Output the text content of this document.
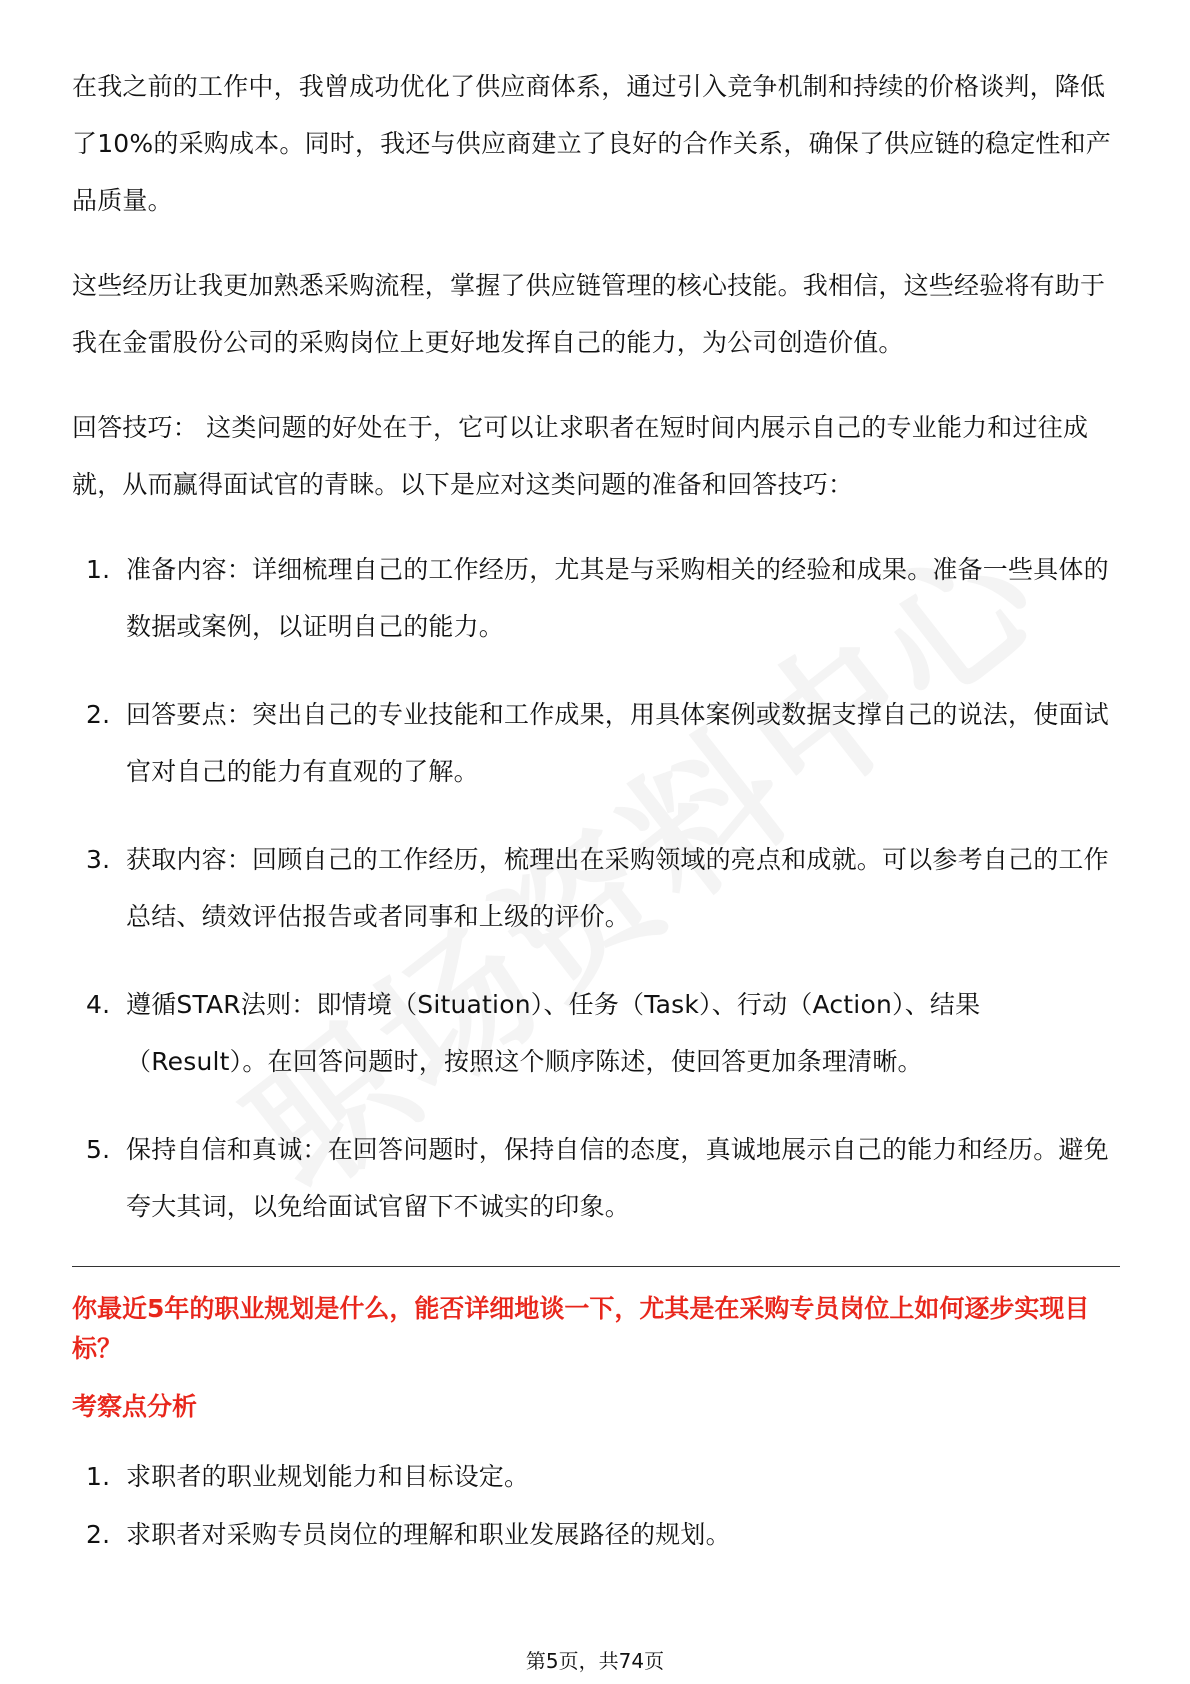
在我之前的工作中，我曾成功优化了供应商体系，通过引入竞争机制和持续的价格谈判，降低了10%的采购成本。同时，我还与供应商建立了良好的合作关系，确保了供应链的稳定性和产品质量。

这些经历让我更加熟悉采购流程，掌握了供应链管理的核心技能。我相信，这些经验将有助于我在金雷股份公司的采购岗位上更好地发挥自己的能力，为公司创造价值。

回答技巧： 这类问题的好处在于，它可以让求职者在短时间内展示自己的专业能力和过往成就，从而赢得面试官的青睐。以下是应对这类问题的准备和回答技巧：

1. 准备内容：详细梳理自己的工作经历，尤其是与采购相关的经验和成果。准备一些具体的数据或案例，以证明自己的能力。
2. 回答要点：突出自己的专业技能和工作成果，用具体案例或数据支撑自己的说法，使面试官对自己的能力有直观的了解。
3. 获取内容：回顾自己的工作经历，梳理出在采购领域的亮点和成就。可以参考自己的工作总结、绩效评估报告或者同事和上级的评价。
4. 遵循STAR法则：即情境（Situation）、任务（Task）、行动（Action）、结果（Result）。在回答问题时，按照这个顺序陈述，使回答更加条理清晰。
5. 保持自信和真诚：在回答问题时，保持自信的态度，真诚地展示自己的能力和经历。避免夸大其词，以免给面试官留下不诚实的印象。
你最近5年的职业规划是什么，能否详细地谈一下，尤其是在采购专员岗位上如何逐步实现目标？
考察点分析
1. 求职者的职业规划能力和目标设定。
2. 求职者对采购专员岗位的理解和职业发展路径的规划。
第5页，共74页
